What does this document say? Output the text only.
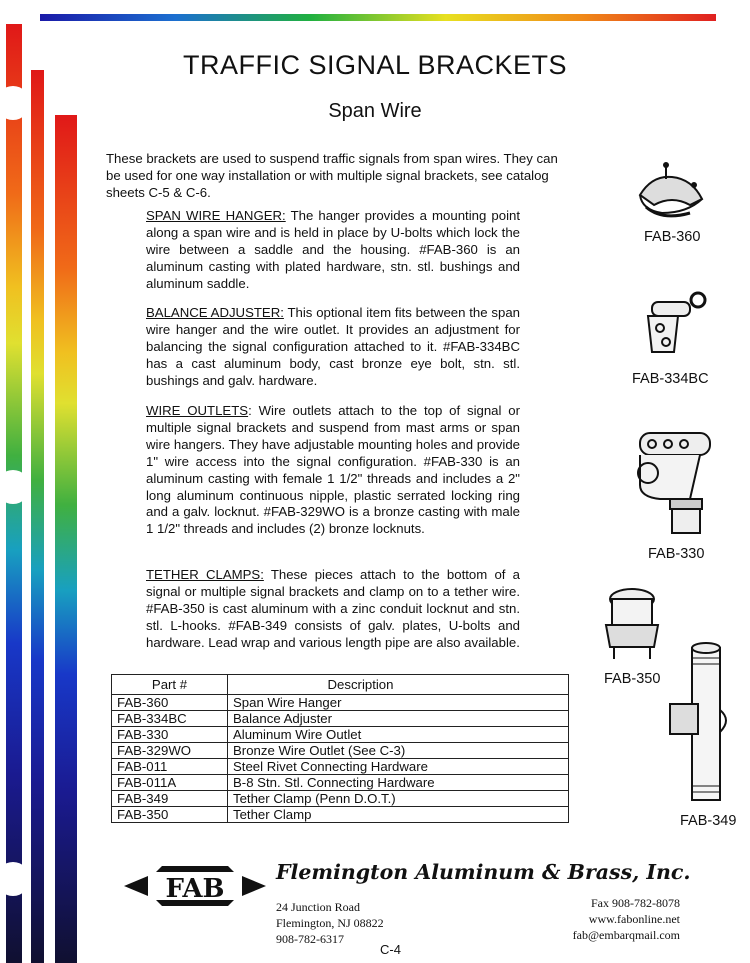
TRAFFIC SIGNAL BRACKETS
Span Wire
These brackets are used to suspend traffic signals from span wires. They can be used for one way installation or with multiple signal brackets, see catalog sheets C-5 & C-6.
SPAN WIRE HANGER: The hanger provides a mounting point along a span wire and is held in place by U-bolts which lock the wire between a saddle and the housing. #FAB-360 is an aluminum casting with plated hardware, stn. stl. bushings and aluminum saddle.
BALANCE ADJUSTER: This optional item fits between the span wire hanger and the wire outlet. It provides an adjustment for balancing the signal configuration attached to it. #FAB-334BC has a cast aluminum body, cast bronze eye bolt, stn. stl. bushings and galv. hardware.
WIRE OUTLETS: Wire outlets attach to the top of signal or multiple signal brackets and suspend from mast arms or span wire hangers. They have adjustable mounting holes and provide 1" wire access into the signal configuration. #FAB-330 is an aluminum casting with female 1 1/2" threads and includes a 2" long aluminum continuous nipple, plastic serrated locking ring and a galv. locknut. #FAB-329WO is a bronze casting with male 1 1/2" threads and includes (2) bronze locknuts.
TETHER CLAMPS: These pieces attach to the bottom of a signal or multiple signal brackets and clamp on to a tether wire. #FAB-350 is cast aluminum with a zinc conduit locknut and stn. stl. L-hooks. #FAB-349 consists of galv. plates, U-bolts and hardware. Lead wrap and various length pipe are also available.
FAB-360
FAB-334BC
FAB-330
FAB-350
FAB-349
Part #	Description
FAB-360	Span Wire Hanger
FAB-334BC	Balance Adjuster
FAB-330	Aluminum Wire Outlet
FAB-329WO	Bronze Wire Outlet (See C-3)
FAB-011	Steel Rivet Connecting Hardware
FAB-011A	B-8 Stn. Stl. Connecting Hardware
FAB-349	Tether Clamp (Penn D.O.T.)
FAB-350	Tether Clamp
FAB
Flemington Aluminum & Brass, Inc.
24 Junction Road
Flemington, NJ 08822
908-782-6317
Fax 908-782-8078
www.fabonline.net
fab@embarqmail.com
C-4
